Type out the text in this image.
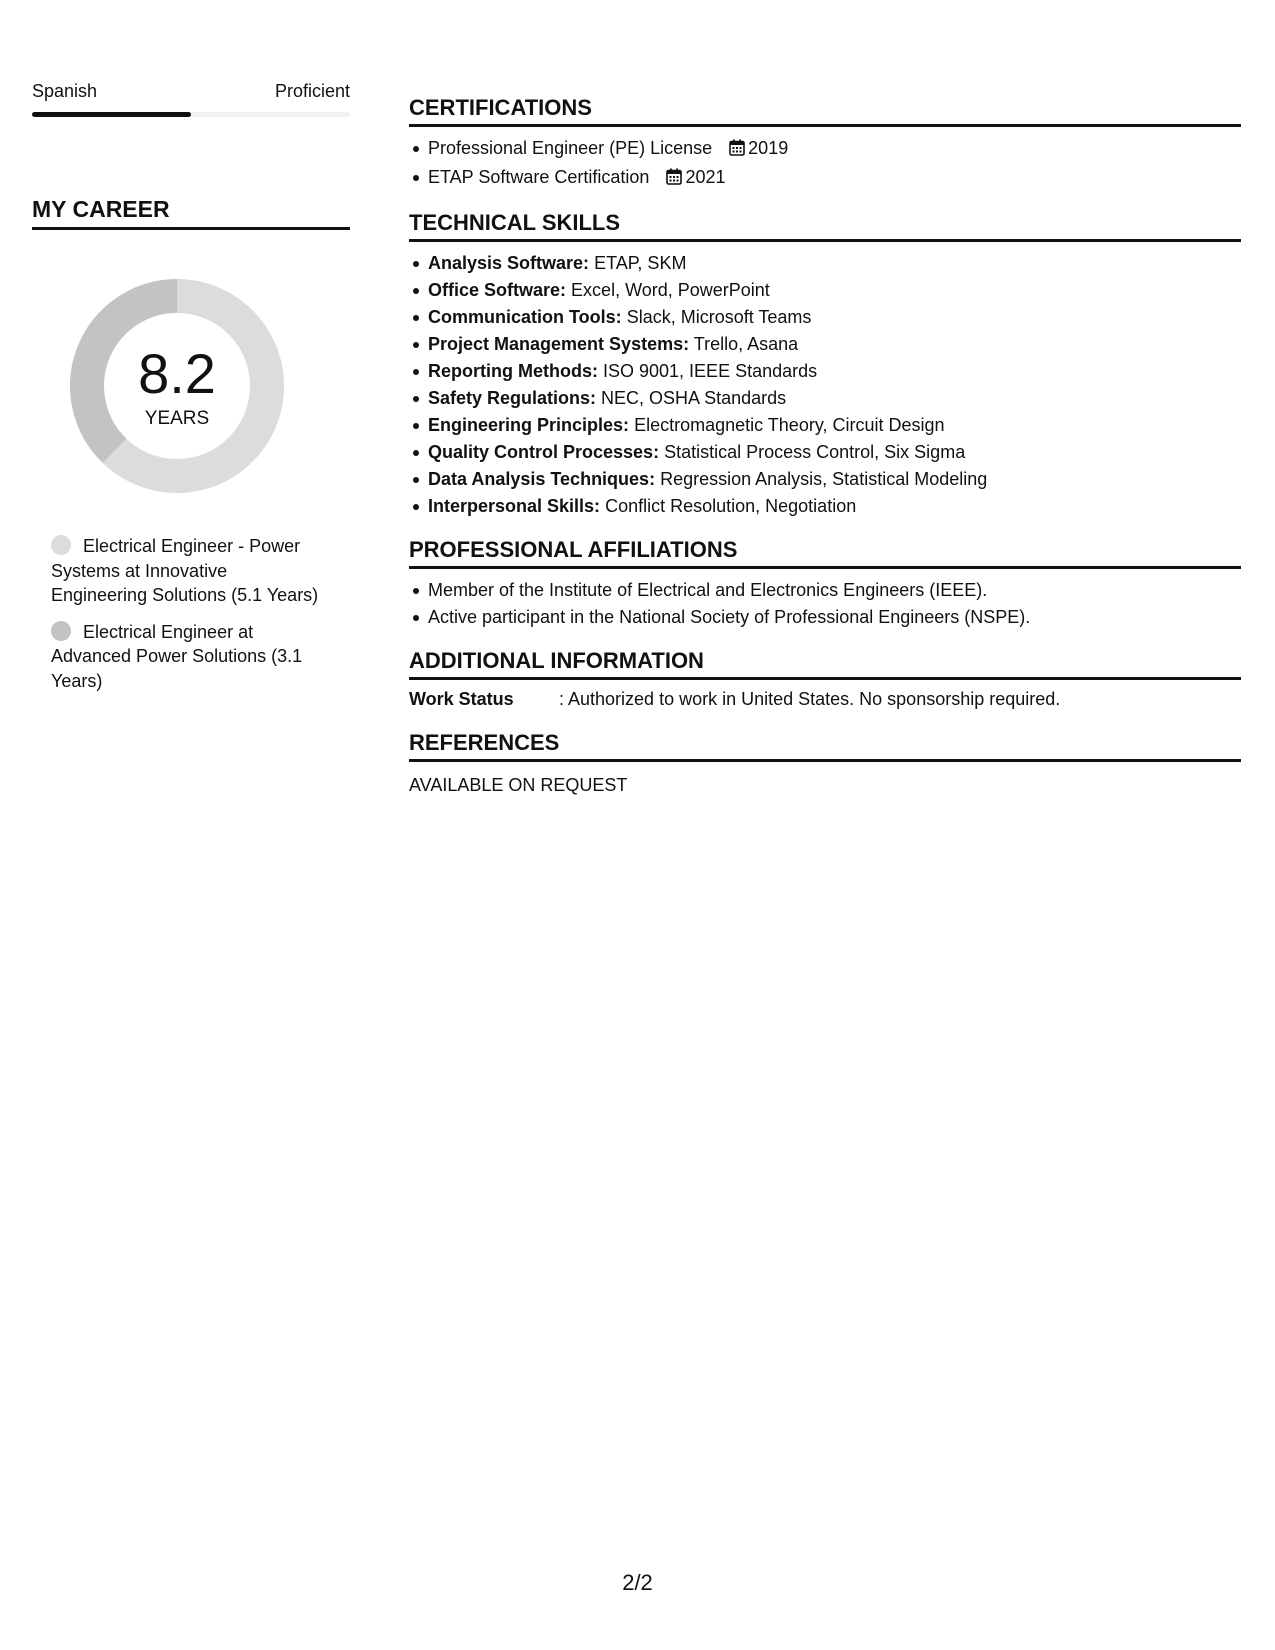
Spanish	Proficient
MY CAREER
8.2
YEARS
Electrical Engineer - Power Systems at Innovative Engineering Solutions (5.1 Years)
Electrical Engineer at Advanced Power Solutions (3.1 Years)
CERTIFICATIONS
Professional Engineer (PE) License 2019
ETAP Software Certification 2021
TECHNICAL SKILLS
Analysis Software: ETAP, SKM
Office Software: Excel, Word, PowerPoint
Communication Tools: Slack, Microsoft Teams
Project Management Systems: Trello, Asana
Reporting Methods: ISO 9001, IEEE Standards
Safety Regulations: NEC, OSHA Standards
Engineering Principles: Electromagnetic Theory, Circuit Design
Quality Control Processes: Statistical Process Control, Six Sigma
Data Analysis Techniques: Regression Analysis, Statistical Modeling
Interpersonal Skills: Conflict Resolution, Negotiation
PROFESSIONAL AFFILIATIONS
Member of the Institute of Electrical and Electronics Engineers (IEEE).
Active participant in the National Society of Professional Engineers (NSPE).
ADDITIONAL INFORMATION
Work Status	: Authorized to work in United States. No sponsorship required.
REFERENCES
AVAILABLE ON REQUEST
2/2
